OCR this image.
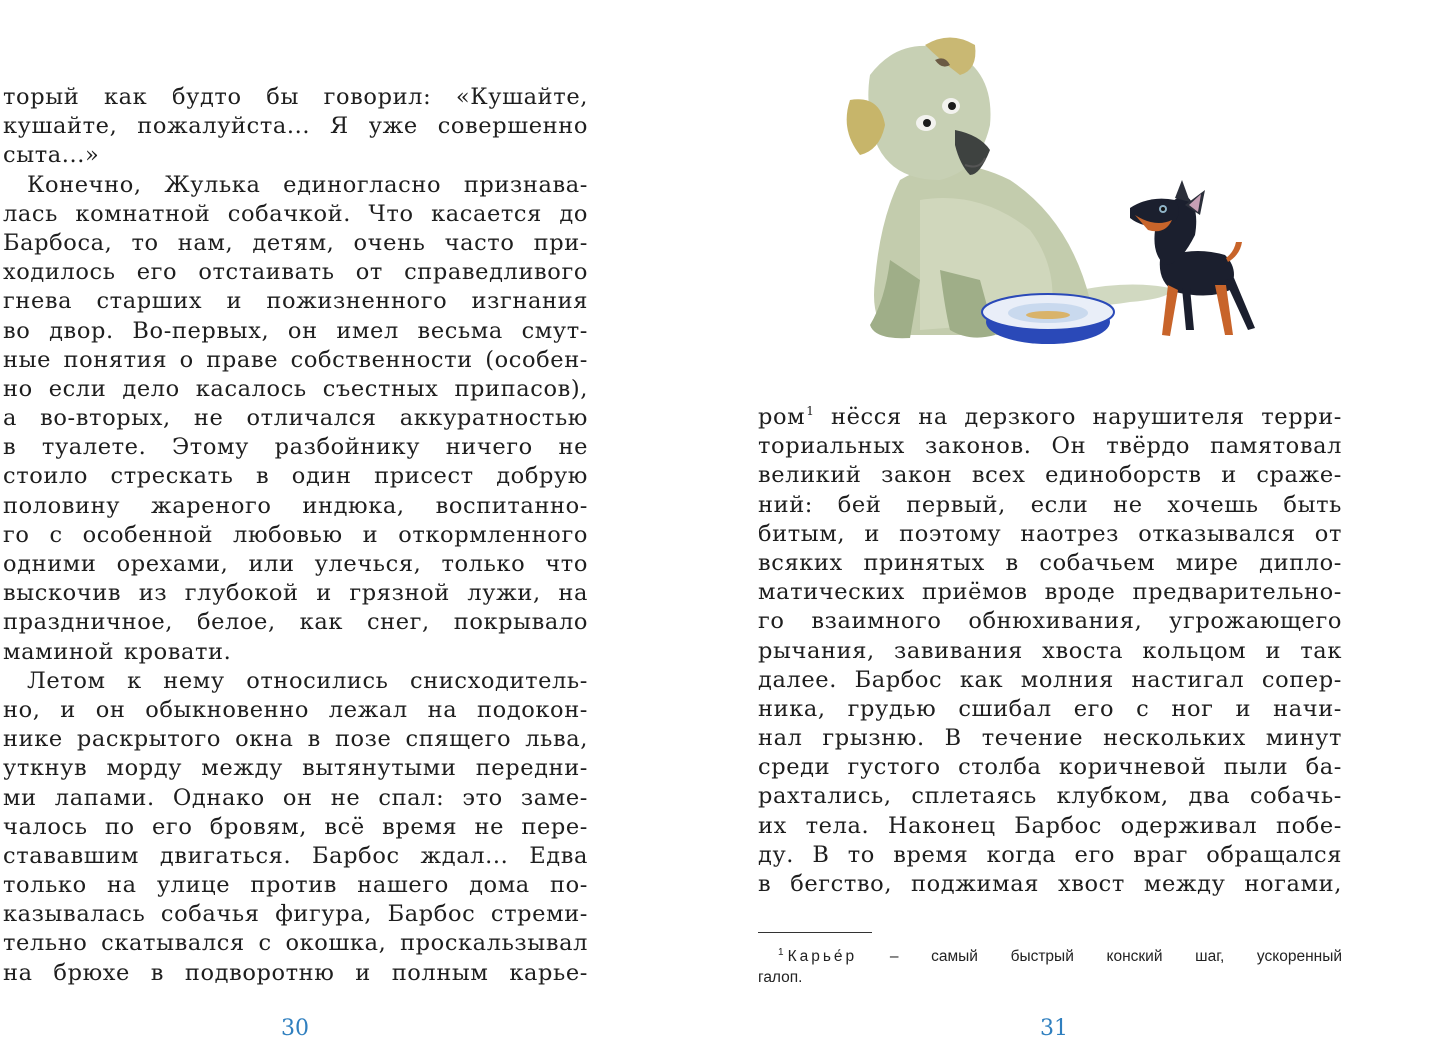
торый как будто бы говорил: «Кушайте,
кушайте, пожалуйста... Я уже совершенно
сыта...»
Конечно, Жулька единогласно признава-
лась комнатной собачкой. Что касается до
Барбоса, то нам, детям, очень часто при-
ходилось его отстаивать от справедливого
гнева старших и пожизненного изгнания
во двор. Во-первых, он имел весьма смут-
ные понятия о праве собственности (особен-
но если дело касалось съестных припасов),
а во-вторых, не отличался аккуратностью
в туалете. Этому разбойнику ничего не
стоило стрескать в один присест добрую
половину жареного индюка, воспитанно-
го с особенной любовью и откормленного
одними орехами, или улечься, только что
выскочив из глубокой и грязной лужи, на
праздничное, белое, как снег, покрывало
маминой кровати.
Летом к нему относились снисходитель-
но, и он обыкновенно лежал на подокон-
нике раскрытого окна в позе спящего льва,
уткнув морду между вытянутыми передни-
ми лапами. Однако он не спал: это заме-
чалось по его бровям, всё время не пере-
стававшим двигаться. Барбос ждал... Едва
только на улице против нашего дома по-
казывалась собачья фигура, Барбос стреми-
тельно скатывался с окошка, проскальзывал
на брюхе в подворотню и полным карье-
30
ром$^1$ нёсся на дерзкого нарушителя терри-
ториальных законов. Он твёрдо памятовал
великий закон всех единоборств и сраже-
ний: бей первый, если не хочешь быть
битым, и поэтому наотрез отказывался от
всяких принятых в собачьем мире дипло-
матических приёмов вроде предварительно-
го взаимного обнюхивания, угрожающего
рычания, завивания хвоста кольцом и так
далее. Барбос как молния настигал сопер-
ника, грудью сшибал его с ног и начи-
нал грызню. В течение нескольких минут
среди густого столба коричневой пыли ба-
рахтались, сплетаясь клубком, два собачь-
их тела. Наконец Барбос одерживал побе-
ду. В то время когда его враг обращался
в бегство, поджимая хвост между ногами,
31
$^1$ Карье́р – самый быстрый конский шаг, ускоренный
галоп.
